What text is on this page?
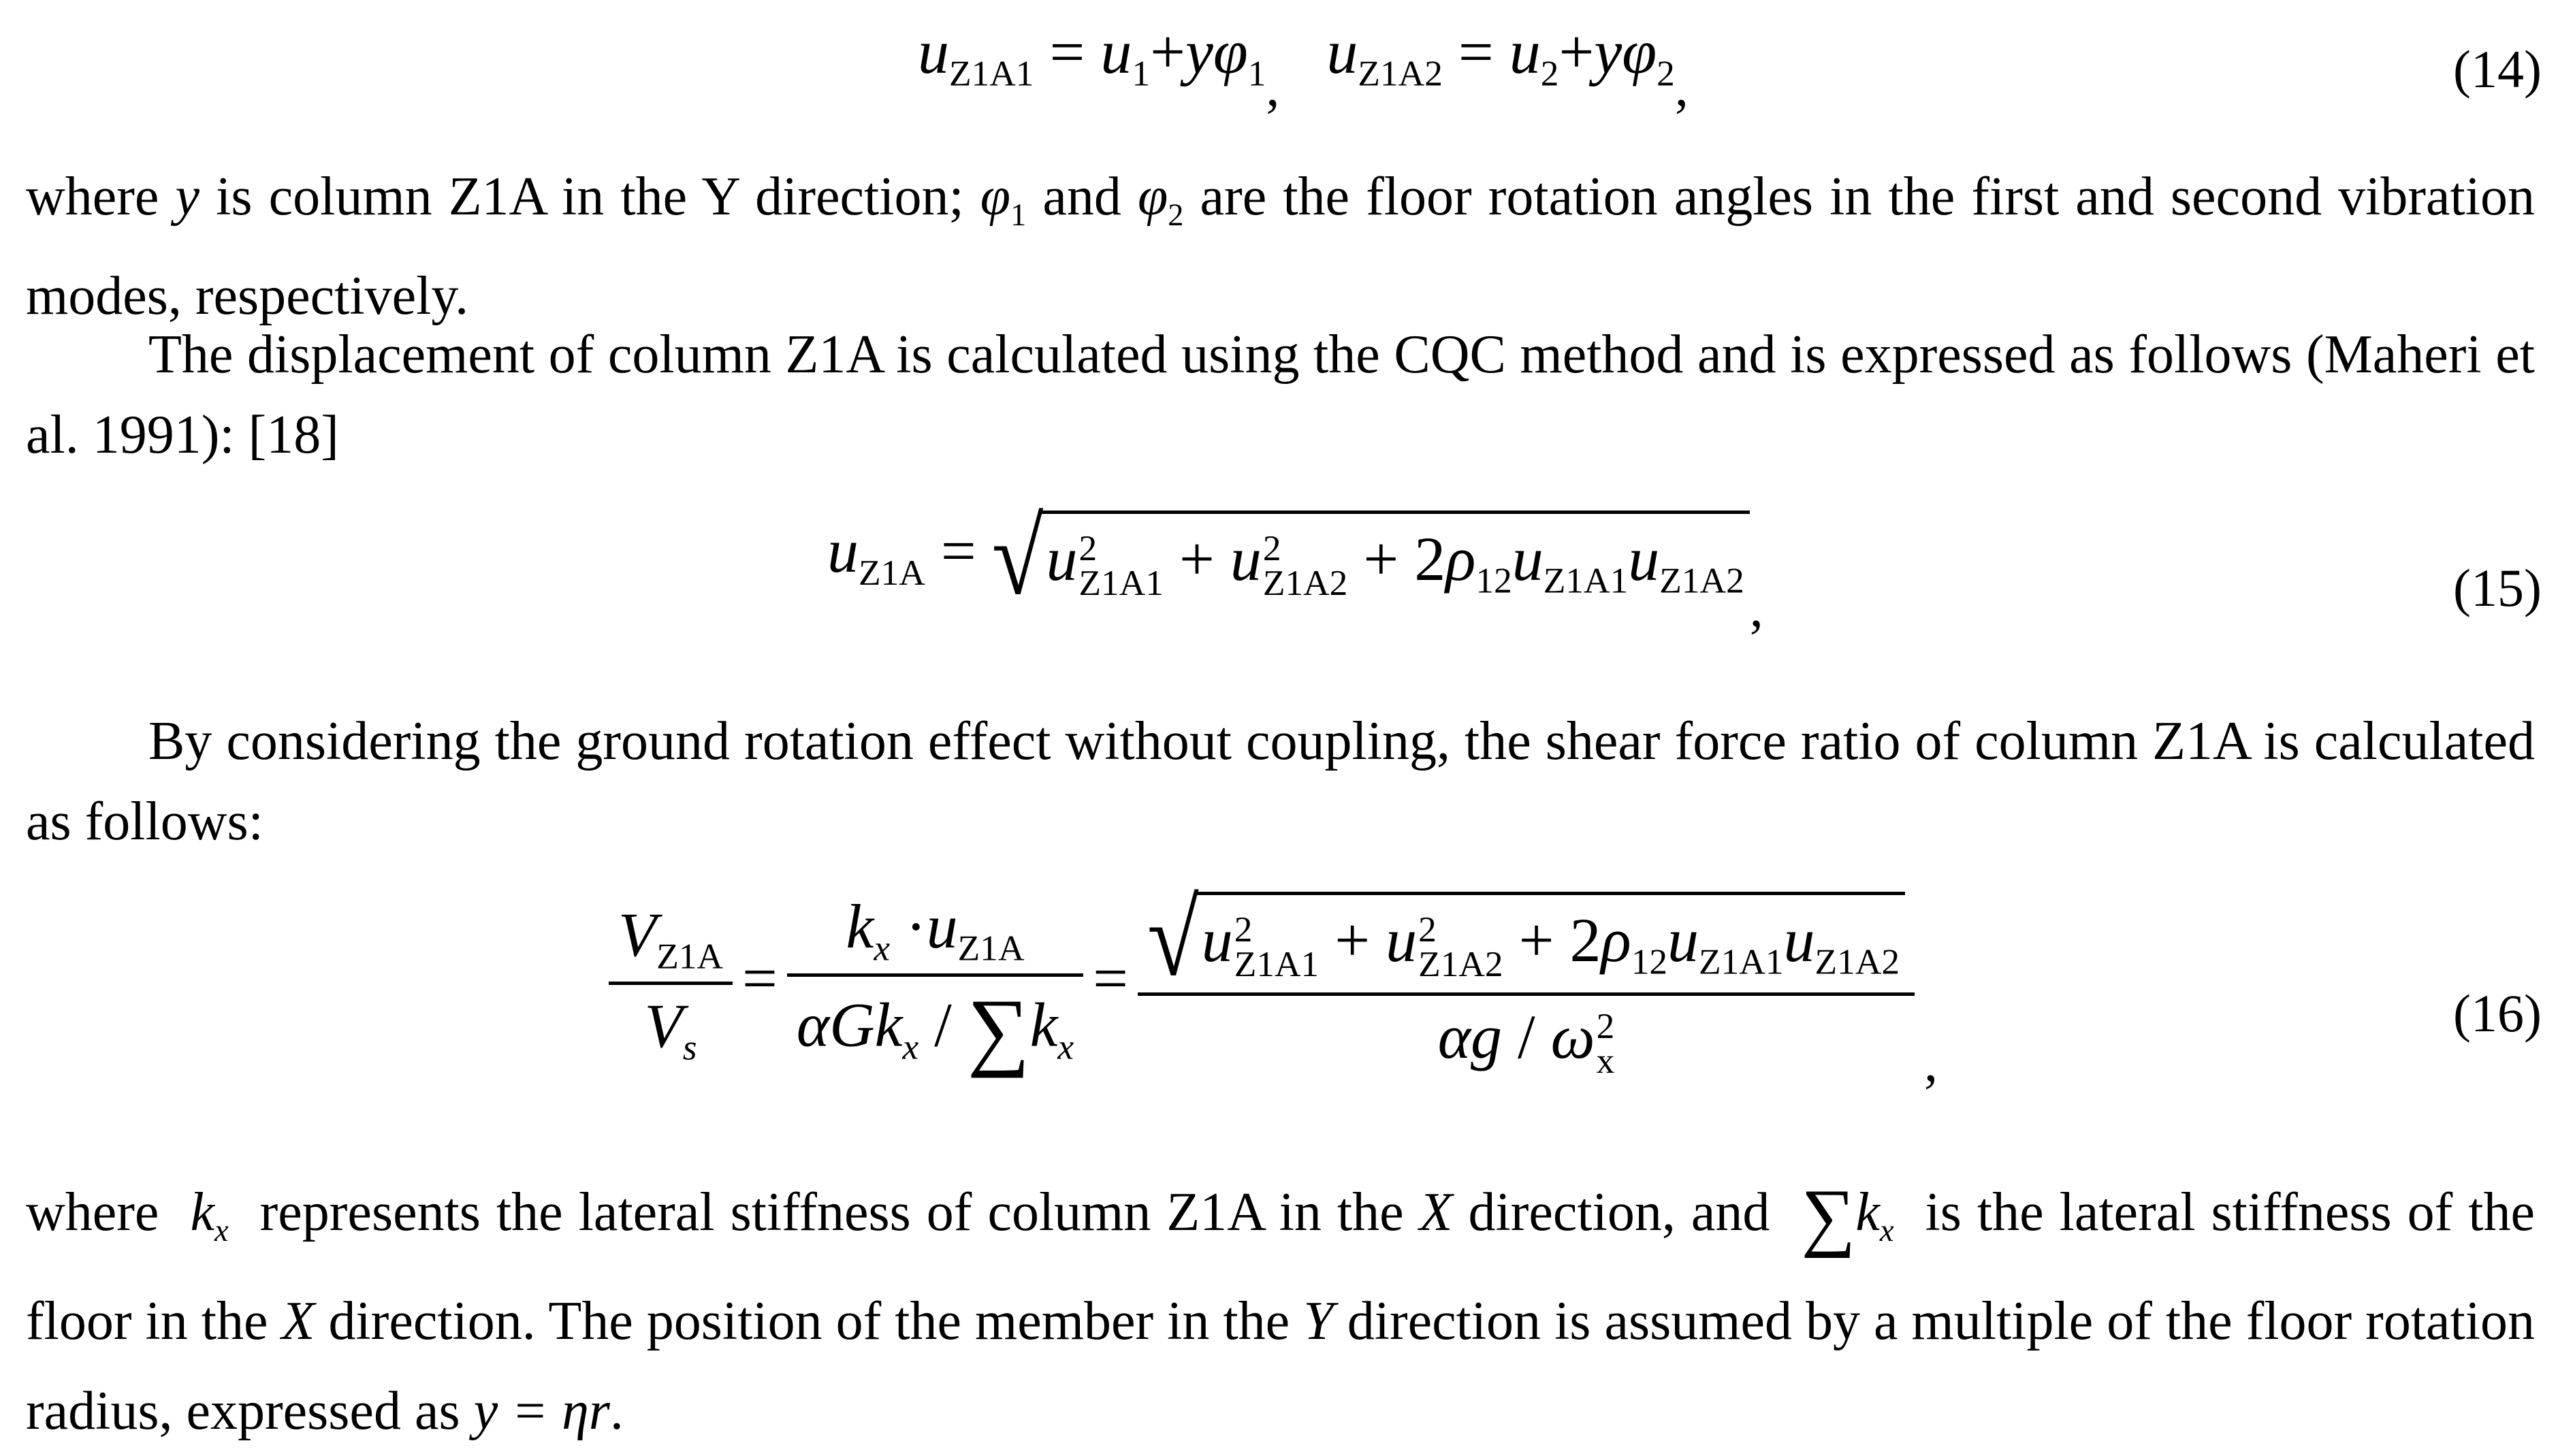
$u_{Z1A1} = u_1+y\varphi_1$,   $u_{Z1A2} = u_2+y\varphi_2$,	(14)
where y is column Z1A in the Y direction; $\varphi_1$ and $\varphi_2$ are the floor rotation angles in the first and second vibration modes, respectively.
The displacement of column Z1A is calculated using the CQC method and is expressed as follows (Maheri et al. 1991): [18]
$u_{Z1A}$ = √ u 2
Z1A1 + u 2
$Z1A2 + 2\rho_{12}u_{Z1A1}u_{Z1A2}$ ,	(15)
By considering the ground rotation effect without coupling, the shear force ratio of column Z1A is calculated as follows:
$\frac{V_{Z1A}}{V_s} = \frac{k_x \cdot u_{Z1A}}{\alpha Gk_x / \sum k_x}$ = √ u 2
Z1A1 + u 2
$Z1A2 + 2\rho_{12}u_{Z1A1}u_{Z1A2}$
αg / ω 2
x	,
(16)
where  $k_x$  represents the lateral stiffness of column Z1A in the X direction, and  $\sum k_x$  is the lateral stiffness of the floor in the X direction. The position of the member in the Y direction is assumed by a multiple of the floor rotation radius, expressed as y = ηr.
